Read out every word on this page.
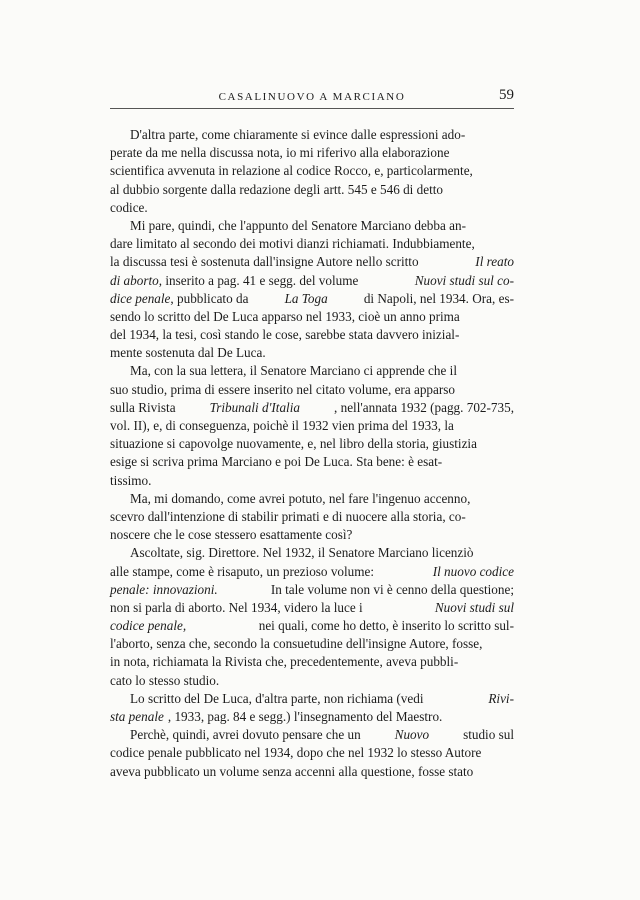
CASALINUOVO A MARCIANO	59
D'altra parte, come chiaramente si evince dalle espressioni ado-
perate da me nella discussa nota, io mi riferivo alla elaborazione
scientifica avvenuta in relazione al codice Rocco, e, particolarmente,
al dubbio sorgente dalla redazione degli artt. 545 e 546 di detto
codice.
Mi pare, quindi, che l'appunto del Senatore Marciano debba an-
dare limitato al secondo dei motivi dianzi richiamati. Indubbiamente,
la discussa tesi è sostenuta dall'insigne Autore nello scritto	Il reato
di aborto, inserito a pag. 41 e segg. del volume	Nuovi studi sul co-
dice penale, pubblicato da	La Toga	di Napoli, nel 1934. Ora, es-
sendo lo scritto del De Luca apparso nel 1933, cioè un anno prima
del 1934, la tesi, così stando le cose, sarebbe stata davvero inizial-
mente sostenuta dal De Luca.
Ma, con la sua lettera, il Senatore Marciano ci apprende che il
suo studio, prima di essere inserito nel citato volume, era apparso
sulla Rivista	Tribunali d'Italia	, nell'annata 1932 (pagg. 702-735,
vol. II), e, di conseguenza, poichè il 1932 vien prima del 1933, la
situazione si capovolge nuovamente, e, nel libro della storia, giustizia
esige si scriva prima Marciano e poi De Luca. Sta bene: è esat-
tissimo.
Ma, mi domando, come avrei potuto, nel fare l'ingenuo accenno,
scevro dall'intenzione di stabilir primati e di nuocere alla storia, co-
noscere che le cose stessero esattamente così?
Ascoltate, sig. Direttore. Nel 1932, il Senatore Marciano licenziò
alle stampe, come è risaputo, un prezioso volume:	Il nuovo codice
penale: innovazioni.	In tale volume non vi è cenno della questione;
non si parla di aborto. Nel 1934, videro la luce i	Nuovi studi sul
codice penale,	nei quali, come ho detto, è inserito lo scritto sul-
l'aborto, senza che, secondo la consuetudine dell'insigne Autore, fosse,
in nota, richiamata la Rivista che, precedentemente, aveva pubbli-
cato lo stesso studio.
Lo scritto del De Luca, d'altra parte, non richiama (vedi	Rivi-
sta penale , 1933, pag. 84 e segg.) l'insegnamento del Maestro.
Perchè, quindi, avrei dovuto pensare che un	Nuovo	studio sul
codice penale pubblicato nel 1934, dopo che nel 1932 lo stesso Autore
aveva pubblicato un volume senza accenni alla questione, fosse stato
